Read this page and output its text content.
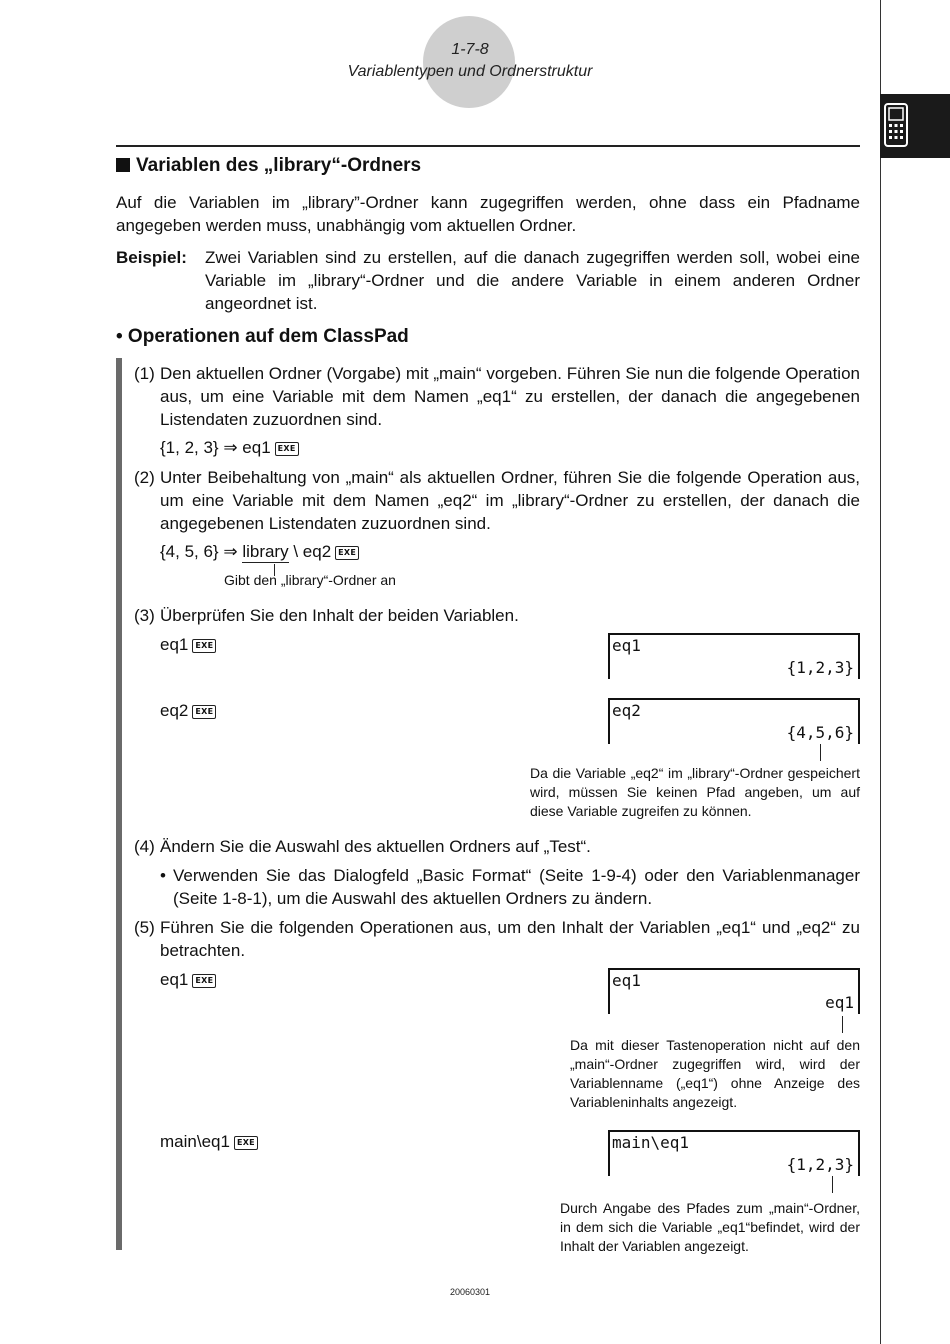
1-7-8
Variablentypen und Ordnerstruktur
Variablen des „library“-Ordners
Auf die Variablen im „library”-Ordner kann zugegriffen werden, ohne dass ein Pfadname angegeben werden muss, unabhängig vom aktuellen Ordner.
Beispiel: Zwei Variablen sind zu erstellen, auf die danach zugegriffen werden soll, wobei eine Variable im „library“-Ordner und die andere Variable in einem anderen Ordner angeordnet ist.
• Operationen auf dem ClassPad
(1) Den aktuellen Ordner (Vorgabe) mit „main“ vorgeben. Führen Sie nun die folgende Operation aus, um eine Variable mit dem Namen „eq1“ zu erstellen, der danach die angegebenen Listendaten zuzuordnen sind.
{1, 2, 3} ⇒ eq1 EXE
(2) Unter Beibehaltung von „main“ als aktuellen Ordner, führen Sie die folgende Operation aus, um eine Variable mit dem Namen „eq2“ im „library“-Ordner zu erstellen, der danach die angegebenen Listendaten zuzuordnen sind.
{4, 5, 6} ⇒ library \ eq2 EXE
Gibt den „library“-Ordner an
(3) Überprüfen Sie den Inhalt der beiden Variablen.
eq1 EXE
eq2 EXE
eq1
{1,2,3}
eq2
{4,5,6}
Da die Variable „eq2“ im „library“-Ordner gespeichert wird, müssen Sie keinen Pfad angeben, um auf diese Variable zugreifen zu können.
(4) Ändern Sie die Auswahl des aktuellen Ordners auf „Test“.
• Verwenden Sie das Dialogfeld „Basic Format“ (Seite 1-9-4) oder den Variablenmanager (Seite 1-8-1), um die Auswahl des aktuellen Ordners zu ändern.
(5) Führen Sie die folgenden Operationen aus, um den Inhalt der Variablen „eq1“ und „eq2“ zu betrachten.
eq1 EXE
main\eq1 EXE
eq1
eq1
Da mit dieser Tastenoperation nicht auf den „main“-Ordner zugegriffen wird, wird der Variablenname („eq1“) ohne Anzeige des Variableninhalts angezeigt.
main\eq1
{1,2,3}
Durch Angabe des Pfades zum „main“-Ordner, in dem sich die Variable „eq1“befindet, wird der Inhalt der Variablen angezeigt.
20060301
